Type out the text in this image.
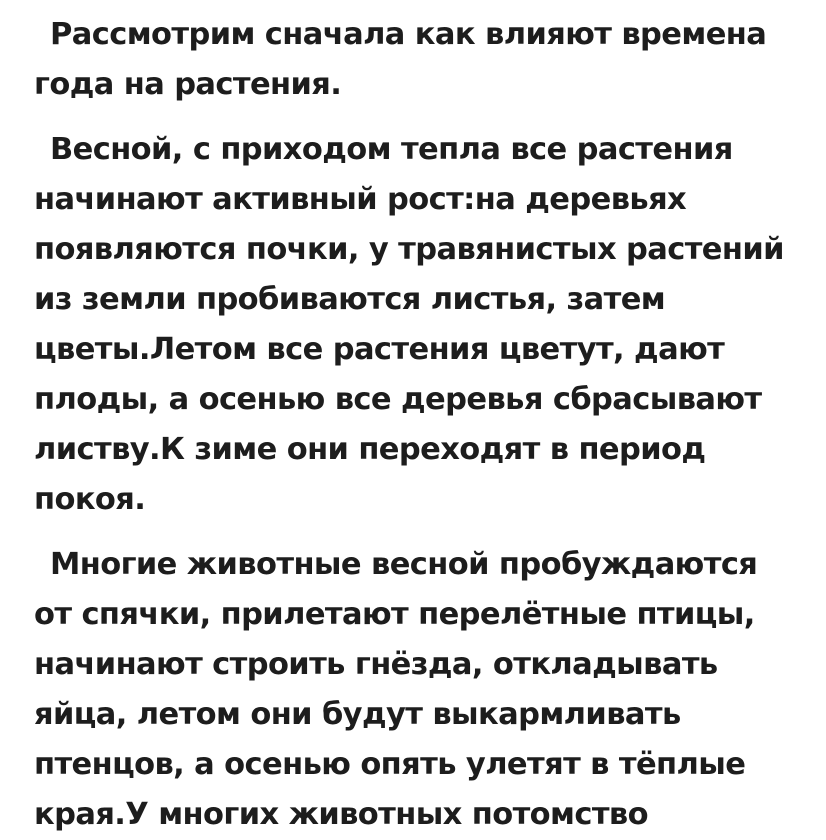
Рассмотрим сначала как влияют времена
года на растения.
Весной, с приходом тепла все растения
начинают активный рост:на деревьях
появляются почки, у травянистых растений
из земли пробиваются листья, затем
цветы.Летом все растения цветут, дают
плоды, а осенью все деревья сбрасывают
листву.К зиме они переходят в период
покоя.
Многие животные весной пробуждаются
от спячки, прилетают перелётные птицы,
начинают строить гнёзда, откладывать
яйца, летом они будут выкармливать
птенцов, а осенью опять улетят в тёплые
края.У многих животных потомство
